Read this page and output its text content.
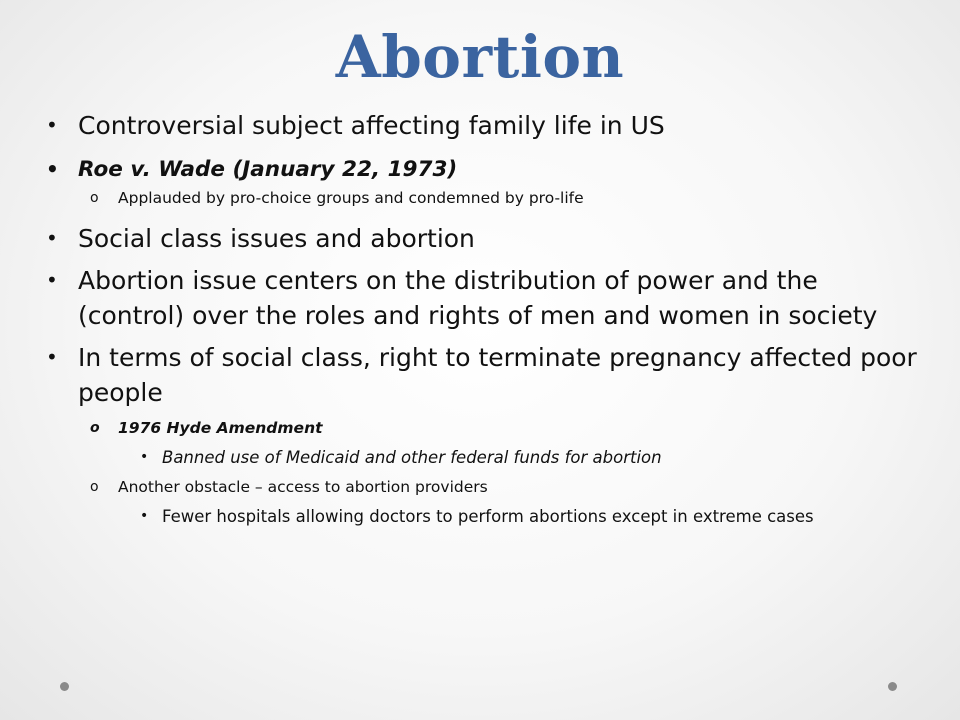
Abortion
• Controversial subject affecting family life in US
• Roe v. Wade (January 22, 1973)
o Applauded by pro-choice groups and condemned by pro-life
• Social class issues and abortion
• Abortion issue centers on the distribution of power and the (control) over the roles and rights of men and women in society
• In terms of social class, right to terminate pregnancy affected poor people
o 1976 Hyde Amendment
• Banned use of Medicaid and other federal funds for abortion
o Another obstacle – access to abortion providers
• Fewer hospitals allowing doctors to perform abortions except in extreme cases
